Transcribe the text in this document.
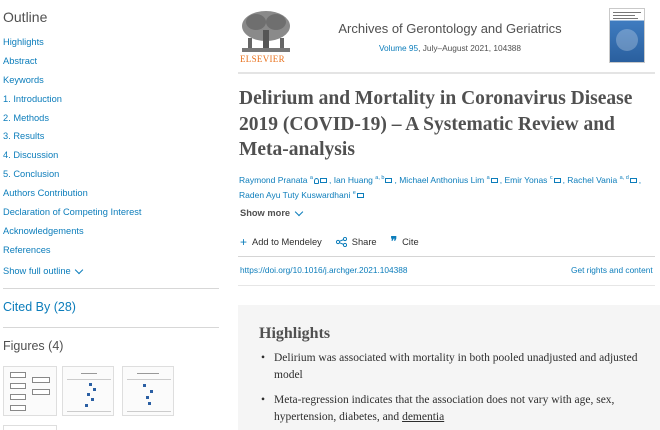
Outline
Highlights
Abstract
Keywords
1. Introduction
2. Methods
3. Results
4. Discussion
5. Conclusion
Authors Contribution
Declaration of Competing Interest
Acknowledgements
References
Show full outline
Cited By (28)
Figures (4)
ELSEVIER
Archives of Gerontology and Geriatrics
Volume 95, July–August 2021, 104388
Delirium and Mortality in Coronavirus Disease 2019 (COVID-19) – A Systematic Review and Meta-analysis
Raymond Pranata $^a$ , Ian Huang $^{a, b}$ , Michael Anthonius Lim $^a$ , Emir Yonas $^c$ , Rachel Vania $^{a, d}$ , Raden Ayu Tuty Kuswardhani $^e$
Show more
+ Add to Mendeley	Share ❞ Cite
https://doi.org/10.1016/j.archger.2021.104388	Get rights and content
Highlights
• Delirium was associated with mortality in both pooled unadjusted and adjusted model
• Meta-regression indicates that the association does not vary with age, sex, hypertension, diabetes, and dementia
